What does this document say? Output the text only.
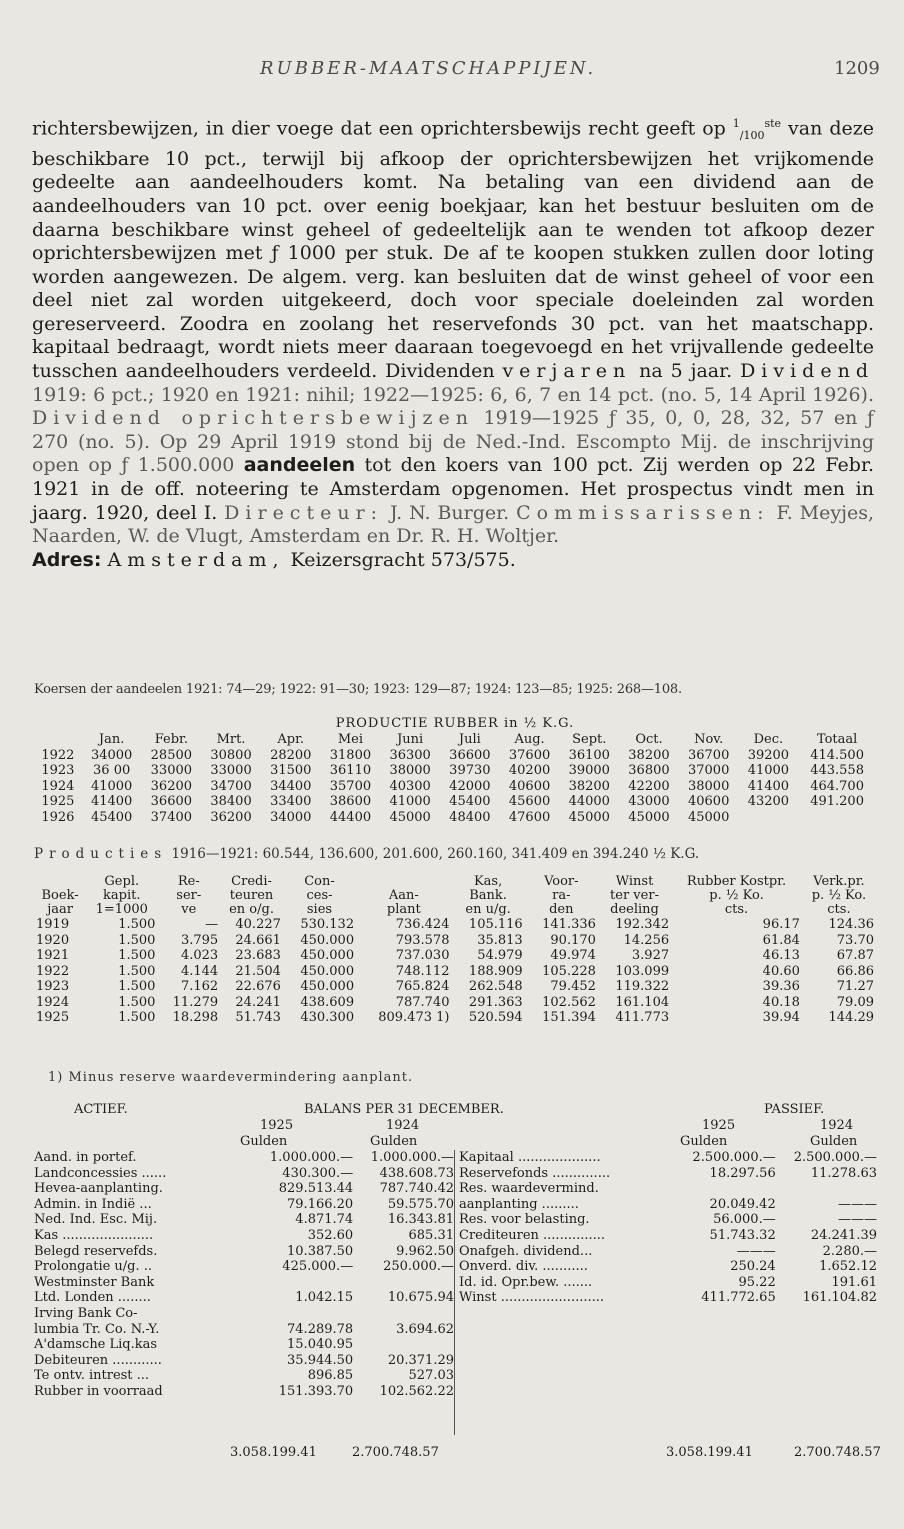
RUBBER-MAATSCHAPPIJEN.	1209

richtersbewijzen, in dier voege dat een oprichtersbewijs recht geeft op $^1_{/100}^{ste}$ van deze beschikbare 10 pct., terwijl bij afkoop der oprichtersbewijzen het vrijkomende gedeelte aan aandeelhouders komt. Na betaling van een dividend aan de aandeelhouders van 10 pct. over eenig boekjaar, kan het bestuur besluiten om de daarna beschikbare winst geheel of gedeeltelijk aan te wenden tot afkoop dezer oprichtersbewijzen met ƒ 1000 per stuk. De af te koopen stukken zullen door loting worden aangewezen. De algem. verg. kan besluiten dat de winst geheel of voor een deel niet zal worden uitgekeerd, doch voor speciale doeleinden zal worden gereserveerd. Zoodra en zoolang het reservefonds 30 pct. van het maatschapp. kapitaal bedraagt, wordt niets meer daaraan toegevoegd en het vrijvallende gedeelte tusschen aandeelhouders verdeeld. Dividenden verjaren na 5 jaar. Dividend 1919: 6 pct.; 1920 en 1921: nihil; 1922—1925: 6, 6, 7 en 14 pct. (no. 5, 14 April 1926). Dividend oprichtersbewijzen 1919—1925 ƒ 35, 0, 0, 28, 32, 57 en ƒ 270 (no. 5). Op 29 April 1919 stond bij de Ned.-Ind. Escompto Mij. de inschrijving open op ƒ 1.500.000 aandeelen tot den koers van 100 pct. Zij werden op 22 Febr. 1921 in de off. noteering te Amsterdam opgenomen. Het prospectus vindt men in jaarg. 1920, deel I. Directeur: J. N. Burger. Commissarissen: F. Meyjes, Naarden, W. de Vlugt, Amsterdam en Dr. R. H. Woltjer.

Adres: Amsterdam, Keizersgracht 573/575.

Koersen der aandeelen 1921: 74—29; 1922: 91—30; 1923: 129—87; 1924: 123—85; 1925: 268—108.
PRODUCTIE RUBBER in ½ K.G.
	Jan.	Febr.	Mrt.	Apr.	Mei	Juni	Juli	Aug.	Sept.	Oct.	Nov.	Dec.	Totaal
1922	34000	28500	30800	28200	31800	36300	36600	37600	36100	38200	36700	39200	414.500
1923	36 00	33000	33000	31500	36110	38000	39730	40200	39000	36800	37000	41000	443.558
1924	41000	36200	34700	34400	35700	40300	42000	40600	38200	42200	38000	41400	464.700
1925	41400	36600	38400	33400	38600	41000	45400	45600	44000	43000	40600	43200	491.200
1926	45400	37400	36200	34000	44400	45000	48400	47600	45000	45000	45000		
Producties 1916—1921: 60.544, 136.600, 201.600, 260.160, 341.409 en 394.240 ½ K.G.
	Gepl.	Re-	Credi-	Con-		Kas,	Voor-	Winst	Rubber Kostpr.	Verk.pr.
Boek-	kapit.	ser-	teuren	ces-	Aan-	Bank.	ra-	ter ver-	p. ½ Ko.	p. ½ Ko.
jaar	1=1000	ve	en o/g.	sies	plant	en u/g.	den	deeling	cts.	cts.
1919	1.500	—	40.227	530.132	736.424	105.116	141.336	192.342	96.17	124.36
1920	1.500	3.795	24.661	450.000	793.578	35.813	90.170	14.256	61.84	73.70
1921	1.500	4.023	23.683	450.000	737.030	54.979	49.974	3.927	46.13	67.87
1922	1.500	4.144	21.504	450.000	748.112	188.909	105.228	103.099	40.60	66.86
1923	1.500	7.162	22.676	450.000	765.824	262.548	79.452	119.322	39.36	71.27
1924	1.500	11.279	24.241	438.609	787.740	291.363	102.562	161.104	40.18	79.09
1925	1.500	18.298	51.743	430.300	809.473 1)	520.594	151.394	411.773	39.94	144.29
1) Minus reserve waardevermindering aanplant.
ACTIEF.	BALANS PER 31 DECEMBER.	PASSIEF.
1925	1924	1925	1924
Gulden	Gulden	Gulden	Gulden
Aand. in portef.	1.000.000.—	1.000.000.—
Landconcessies ......	430.300.—	438.608.73
Hevea-aanplanting.	829.513.44	787.740.42
Admin. in Indië ...	79.166.20	59.575.70
Ned. Ind. Esc. Mij.	4.871.74	16.343.81
Kas ......................	352.60	685.31
Belegd reservefds.	10.387.50	9.962.50
Prolongatie u/g. ..	425.000.—	250.000.—
Westminster Bank		
Ltd. Londen ........	1.042.15	10.675.94
Irving Bank Co-		
lumbia Tr. Co. N.-Y.	74.289.78	3.694.62
A'damsche Liq.kas	15.040.95	
Debiteuren ............	35.944.50	20.371.29
Te ontv. intrest ...	896.85	527.03
Rubber in voorraad	151.393.70	102.562.22
Kapitaal ....................	2.500.000.—	2.500.000.—
Reservefonds ..............	18.297.56	11.278.63
Res. waardevermind.		
aanplanting .........	20.049.42	———
Res. voor belasting.	56.000.—	———
Crediteuren ...............	51.743.32	24.241.39
Onafgeh. dividend...	———	2.280.—
Onverd. div. ...........	250.24	1.652.12
Id. id. Opr.bew. .......	95.22	191.61
Winst .........................	411.772.65	161.104.82
3.058.199.41	2.700.748.57	3.058.199.41	2.700.748.57
